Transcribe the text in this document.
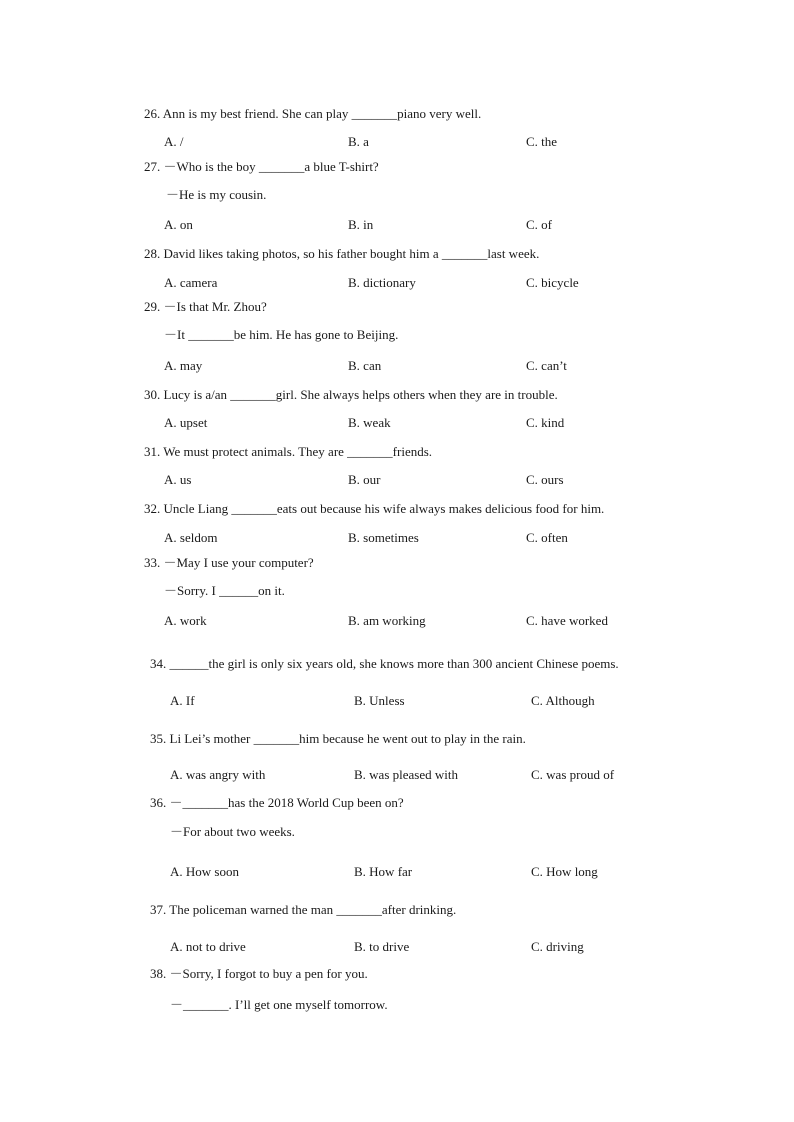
26. Ann is my best friend. She can play _______piano very well.
A. /	B. a	C. the
27. －Who is the boy _______a blue T-shirt?
－He is my cousin.
A. on	B. in	C. of
28. David likes taking photos, so his father bought him a _______last week.
A. camera	B. dictionary	C. bicycle
29. －Is that Mr. Zhou?
－It _______be him. He has gone to Beijing.
A. may	B. can	C. can’t
30. Lucy is a/an _______girl. She always helps others when they are in trouble.
A. upset	B. weak	C. kind
31. We must protect animals. They are _______friends.
A. us	B. our	C. ours
32. Uncle Liang _______eats out because his wife always makes delicious food for him.
A. seldom	B. sometimes	C. often
33. －May I use your computer?
－Sorry. I ______on it.
A. work	B. am working	C. have worked
34. ______the girl is only six years old, she knows more than 300 ancient Chinese poems.
A. If	B. Unless	C. Although
35. Li Lei’s mother _______him because he went out to play in the rain.
A. was angry with	B. was pleased with	C. was proud of
36. －_______has the 2018 World Cup been on?
－For about two weeks.
A. How soon	B. How far	C. How long
37. The policeman warned the man _______after drinking.
A. not to drive	B. to drive	C. driving
38. －Sorry, I forgot to buy a pen for you.
－_______. I’ll get one myself tomorrow.
